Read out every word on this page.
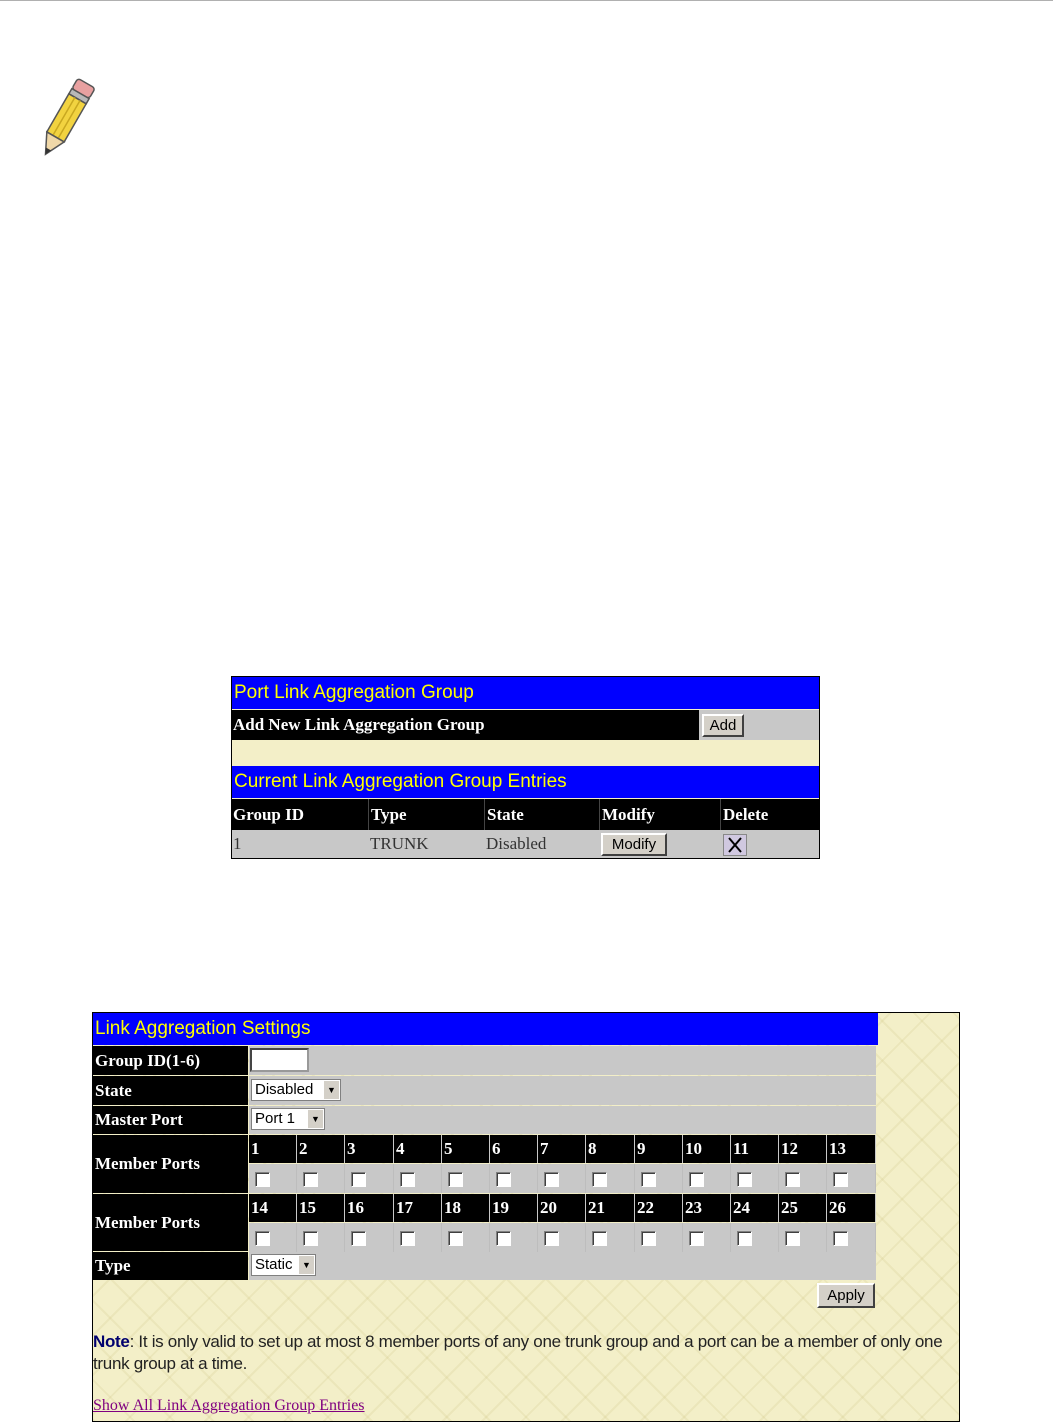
Port Link Aggregation Group
Add New Link Aggregation Group	Add
Current Link Aggregation Group Entries
Group ID	Type	State	Modify	Delete
1	TRUNK	Disabled	Modify
Link Aggregation Settings
Group ID(1-6)
State	Disabled	▼
Master Port	Port 1	▼
Member Ports
1	2	3	4	5	6	7	8	9	10	11	12	13
Member Ports
14	15	16	17	18	19	20	21	22	23	24	25	26
Type	Static	▼
Apply
Note: It is only valid to set up at most 8 member ports of any one trunk group and a port can be a member of only one trunk group at a time.
Show All Link Aggregation Group Entries
